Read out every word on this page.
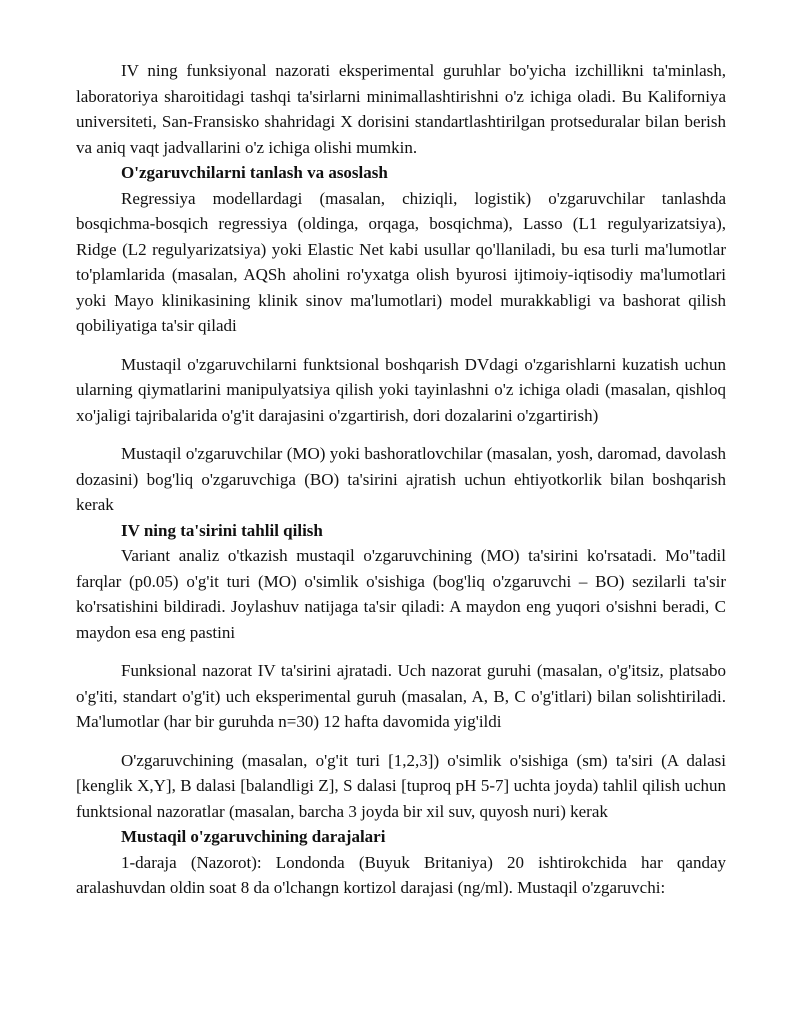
IV ning funksiyonal nazorati eksperimental guruhlar bo'yicha izchillikni ta'minlash, laboratoriya sharoitidagi tashqi ta'sirlarni minimallashtirishni o'z ichiga oladi. Bu Kaliforniya universiteti, San-Fransisko shahridagi X dorisini standartlashtirilgan protseduralar bilan berish va aniq vaqt jadvallarini o'z ichiga olishi mumkin.

O'zgaruvchilarni tanlash va asoslash

Regressiya modellardagi (masalan, chiziqli, logistik) o'zgaruvchilar tanlashda bosqichma-bosqich regressiya (oldinga, orqaga, bosqichma), Lasso (L1 regulyarizatsiya), Ridge (L2 regulyarizatsiya) yoki Elastic Net kabi usullar qo'llaniladi, bu esa turli ma'lumotlar to'plamlarida (masalan, AQSh aholini ro'yxatga olish byurosi ijtimoiy-iqtisodiy ma'lumotlari yoki Mayo klinikasining klinik sinov ma'lumotlari) model murakkabligi va bashorat qilish qobiliyatiga ta'sir qiladi

Mustaqil o'zgaruvchilarni funktsional boshqarish DVdagi o'zgarishlarni kuzatish uchun ularning qiymatlarini manipulyatsiya qilish yoki tayinlashni o'z ichiga oladi (masalan, qishloq xo'jaligi tajribalarida o'g'it darajasini o'zgartirish, dori dozalarini o'zgartirish)

Mustaqil o'zgaruvchilar (MO) yoki bashoratlovchilar (masalan, yosh, daromad, davolash dozasini) bog'liq o'zgaruvchiga (BO) ta'sirini ajratish uchun ehtiyotkorlik bilan boshqarish kerak

IV ning ta'sirini tahlil qilish

Variant analiz o'tkazish mustaqil o'zgaruvchining (MO) ta'sirini ko'rsatadi. Mo"tadil farqlar (p0.05) o'g'it turi (MO) o'simlik o'sishiga (bog'liq o'zgaruvchi – BO) sezilarli ta'sir ko'rsatishini bildiradi. Joylashuv natijaga ta'sir qiladi: A maydon eng yuqori o'sishni beradi, C maydon esa eng pastini

Funksional nazorat IV ta'sirini ajratadi. Uch nazorat guruhi (masalan, o'g'itsiz, platsabo o'g'iti, standart o'g'it) uch eksperimental guruh (masalan, A, B, C o'g'itlari) bilan solishtiriladi. Ma'lumotlar (har bir guruhda n=30) 12 hafta davomida yig'ildi

O'zgaruvchining (masalan, o'g'it turi [1,2,3]) o'simlik o'sishiga (sm) ta'siri (A dalasi [kenglik X,Y], B dalasi [balandligi Z], S dalasi [tuproq pH 5-7] uchta joyda) tahlil qilish uchun funktsional nazoratlar (masalan, barcha 3 joyda bir xil suv, quyosh nuri) kerak

Mustaqil o'zgaruvchining darajalari

1-daraja (Nazorot): Londonda (Buyuk Britaniya) 20 ishtirokchida har qanday aralashuvdan oldin soat 8 da o'lchangn kortizol darajasi (ng/ml). Mustaqil o'zgaruvchi:
